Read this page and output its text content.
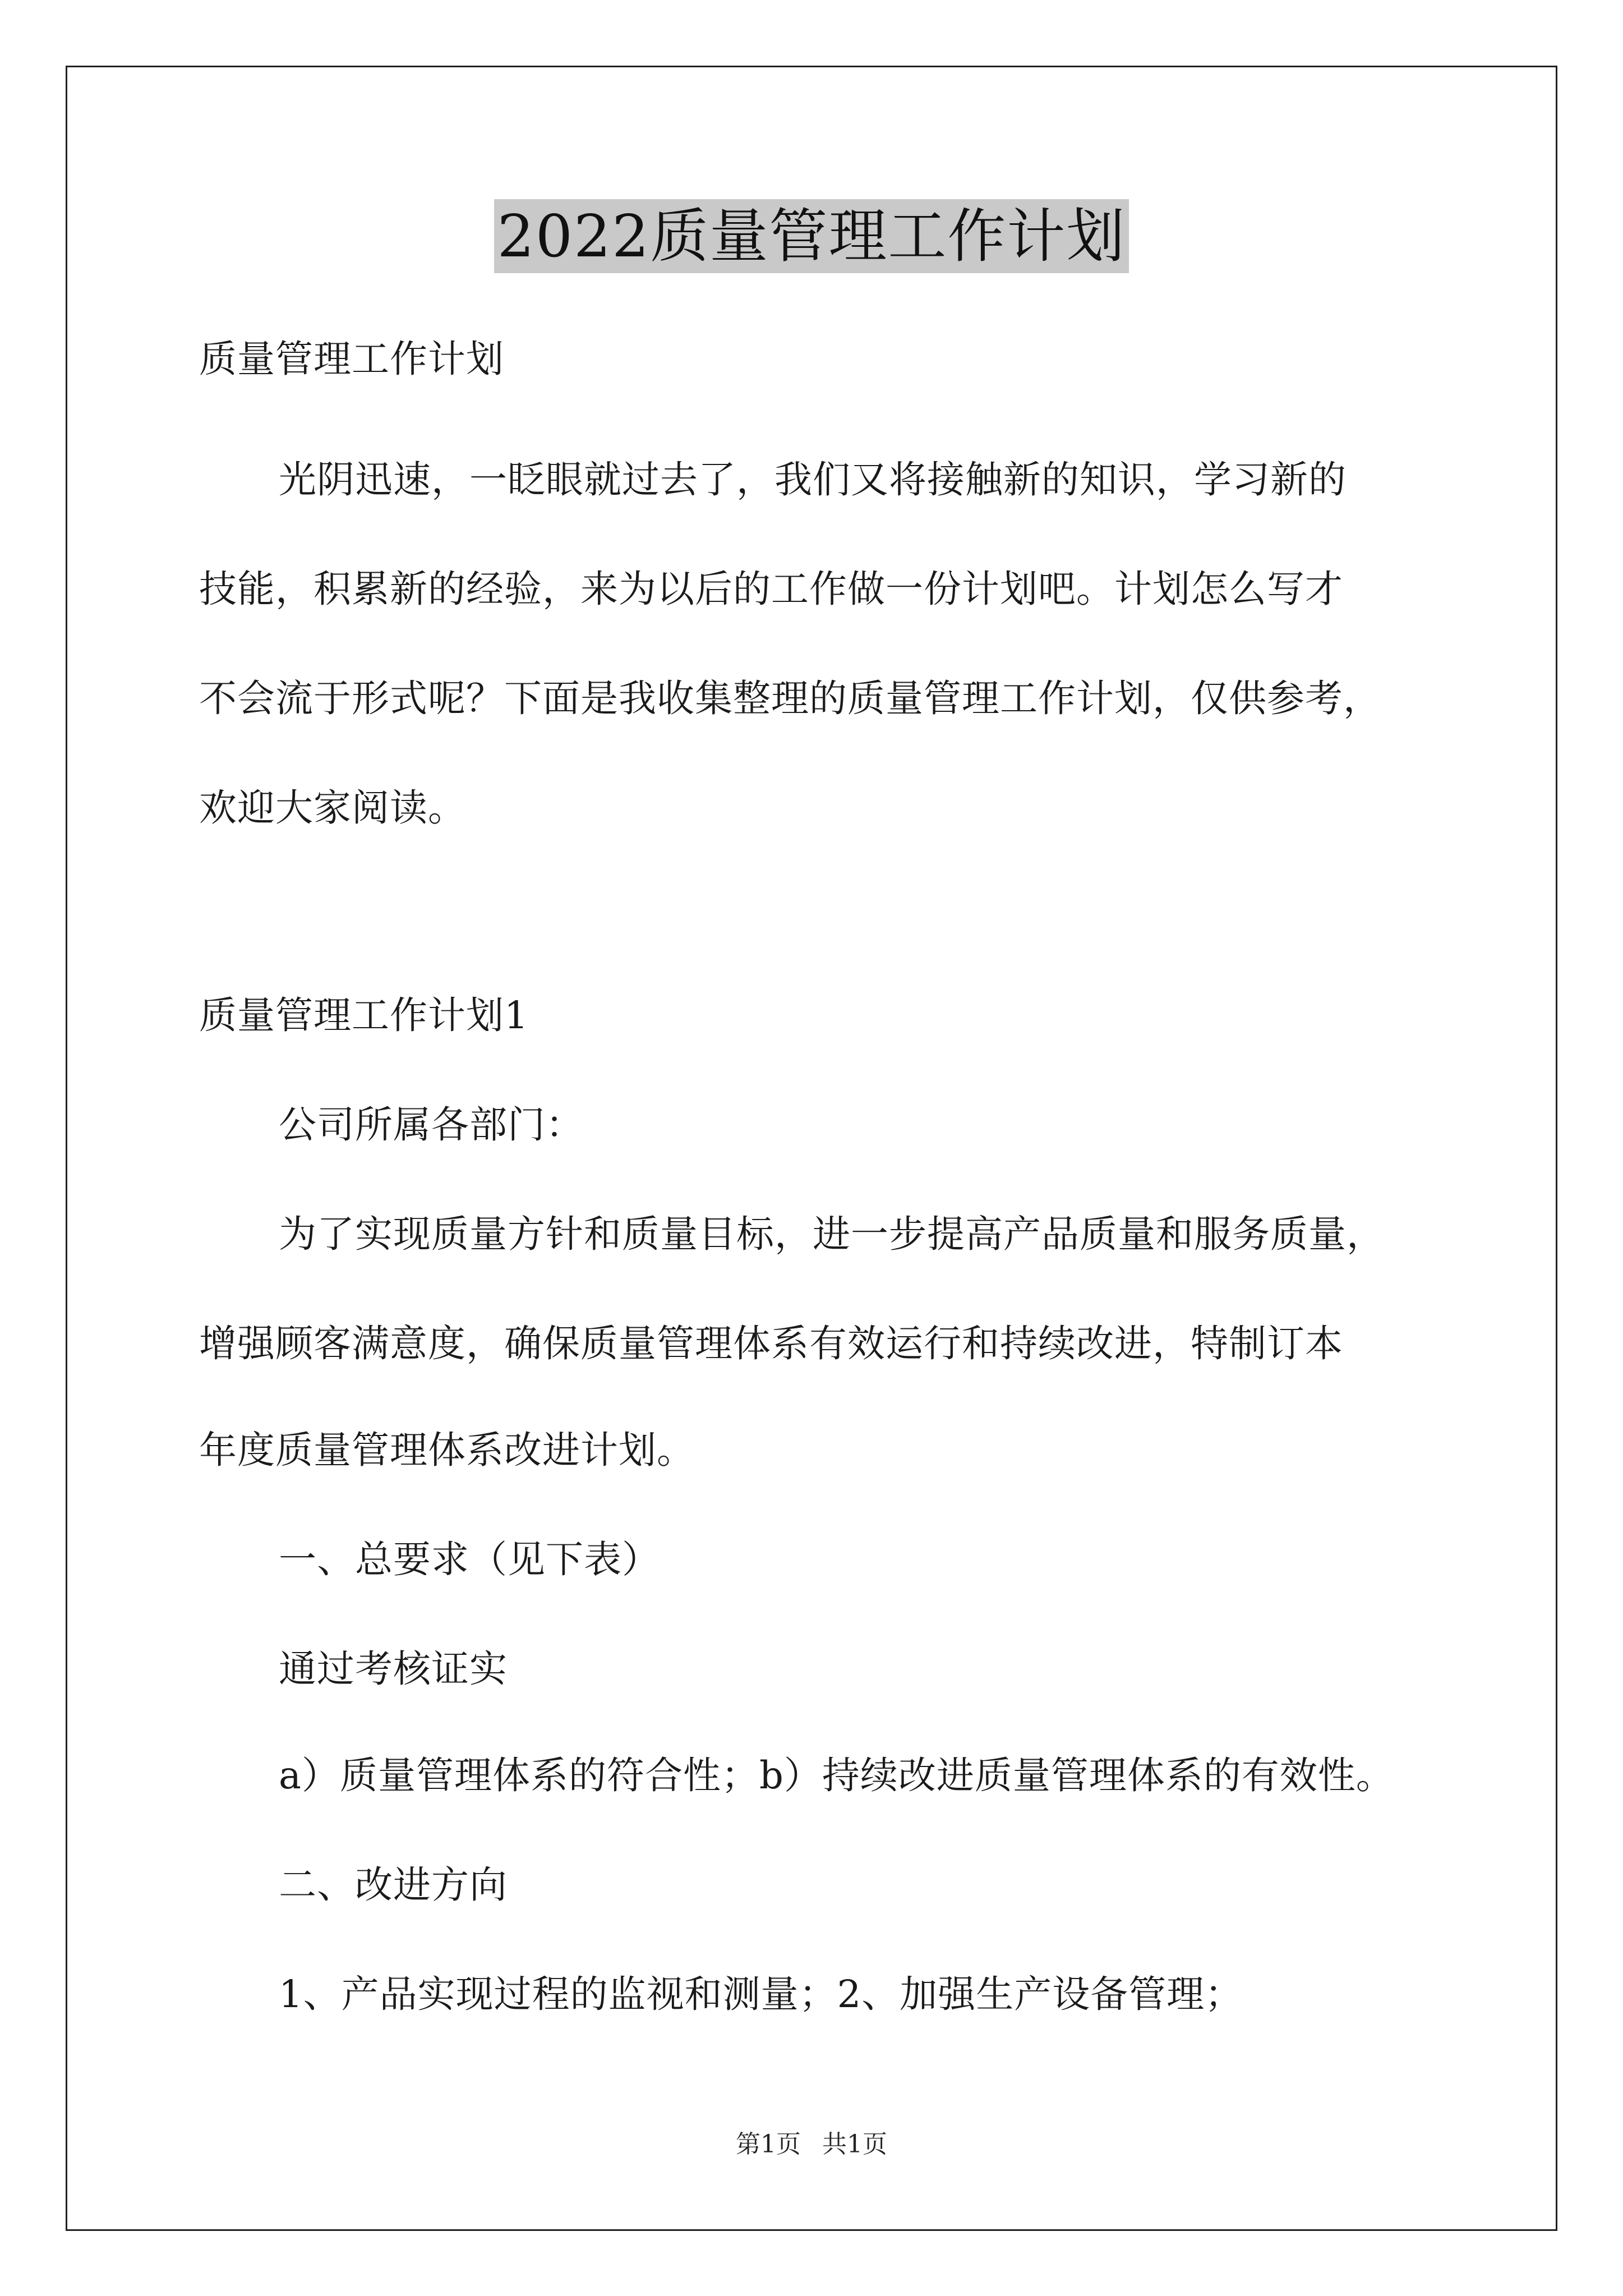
2022质量管理工作计划
质量管理工作计划
光阴迅速，一眨眼就过去了，我们又将接触新的知识，学习新的
技能，积累新的经验，来为以后的工作做一份计划吧。计划怎么写才
不会流于形式呢？下面是我收集整理的质量管理工作计划，仅供参考，
欢迎大家阅读。
质量管理工作计划1
公司所属各部门：
为了实现质量方针和质量目标，进一步提高产品质量和服务质量，
增强顾客满意度，确保质量管理体系有效运行和持续改进，特制订本
年度质量管理体系改进计划。
一、总要求（见下表）
通过考核证实
a）质量管理体系的符合性；b）持续改进质量管理体系的有效性。
二、改进方向
1、产品实现过程的监视和测量；2、加强生产设备管理；
第1页 共1页
